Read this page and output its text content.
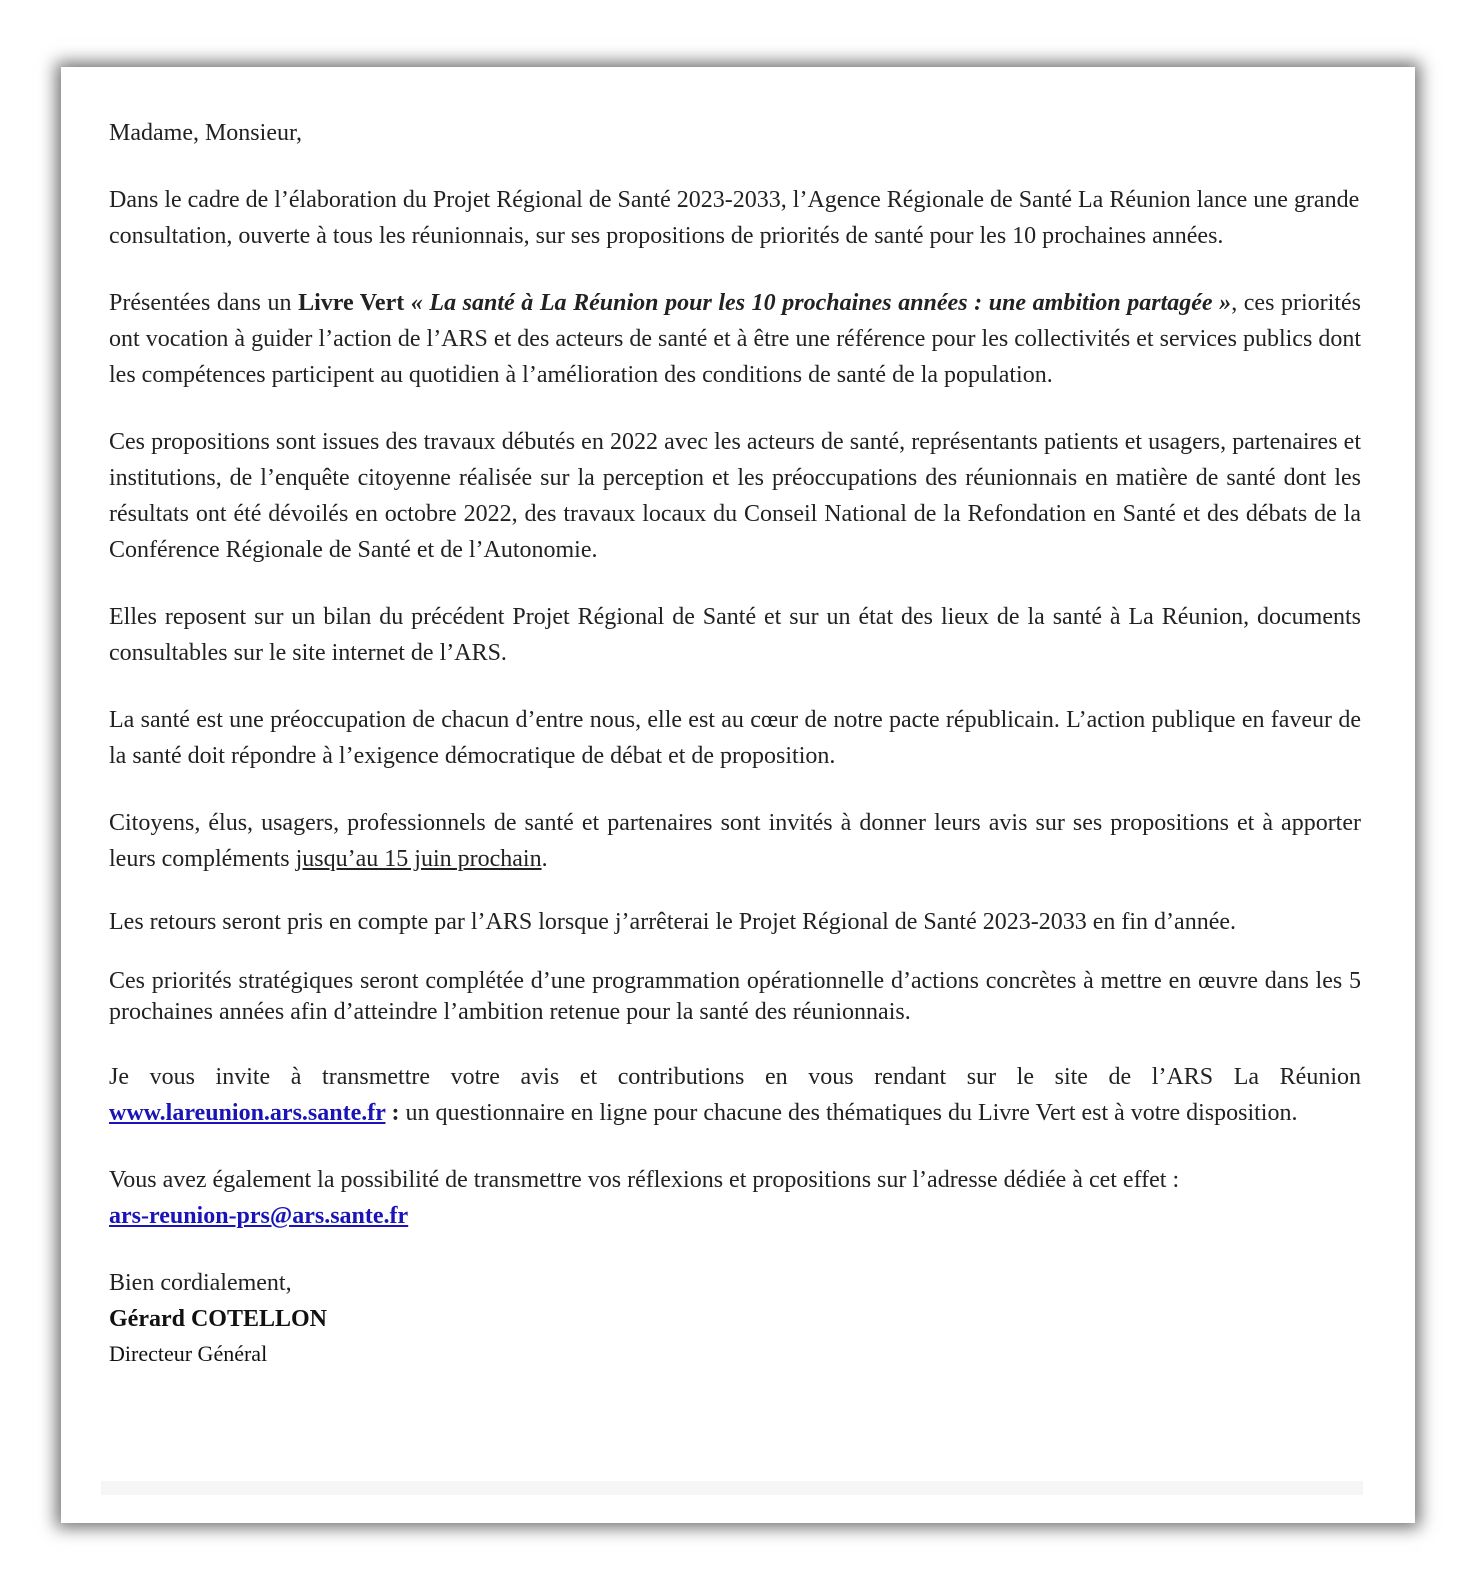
Madame, Monsieur,

Dans le cadre de l’élaboration du Projet Régional de Santé 2023-2033, l’Agence Régionale de Santé La Réunion lance une grande consultation, ouverte à tous les réunionnais, sur ses propositions de priorités de santé pour les 10 prochaines années.

Présentées dans un Livre Vert « La santé à La Réunion pour les 10 prochaines années : une ambition partagée », ces priorités ont vocation à guider l’action de l’ARS et des acteurs de santé et à être une référence pour les collectivités et services publics dont les compétences participent au quotidien à l’amélioration des conditions de santé de la population.

Ces propositions sont issues des travaux débutés en 2022 avec les acteurs de santé, représentants patients et usagers, partenaires et institutions, de l’enquête citoyenne réalisée sur la perception et les préoccupations des réunionnais en matière de santé dont les résultats ont été dévoilés en octobre 2022, des travaux locaux du Conseil National de la Refondation en Santé et des débats de la Conférence Régionale de Santé et de l’Autonomie.

Elles reposent sur un bilan du précédent Projet Régional de Santé et sur un état des lieux de la santé à La Réunion, documents consultables sur le site internet de l’ARS.

La santé est une préoccupation de chacun d’entre nous, elle est au cœur de notre pacte républicain. L’action publique en faveur de la santé doit répondre à l’exigence démocratique de débat et de proposition.

Citoyens, élus, usagers, professionnels de santé et partenaires sont invités à donner leurs avis sur ses propositions et à apporter leurs compléments jusqu’au 15 juin prochain.

Les retours seront pris en compte par l’ARS lorsque j’arrêterai le Projet Régional de Santé 2023-2033 en fin d’année.

Ces priorités stratégiques seront complétée d’une programmation opérationnelle d’actions concrètes à mettre en œuvre dans les 5 prochaines années afin d’atteindre l’ambition retenue pour la santé des réunionnais.

Je vous invite à transmettre votre avis et contributions en vous rendant sur le site de l’ARS La Réunion www.lareunion.ars.sante.fr : un questionnaire en ligne pour chacune des thématiques du Livre Vert est à votre disposition.

Vous avez également la possibilité de transmettre vos réflexions et propositions sur l’adresse dédiée à cet effet :
ars-reunion-prs@ars.sante.fr

Bien cordialement,

Gérard COTELLON

Directeur Général
